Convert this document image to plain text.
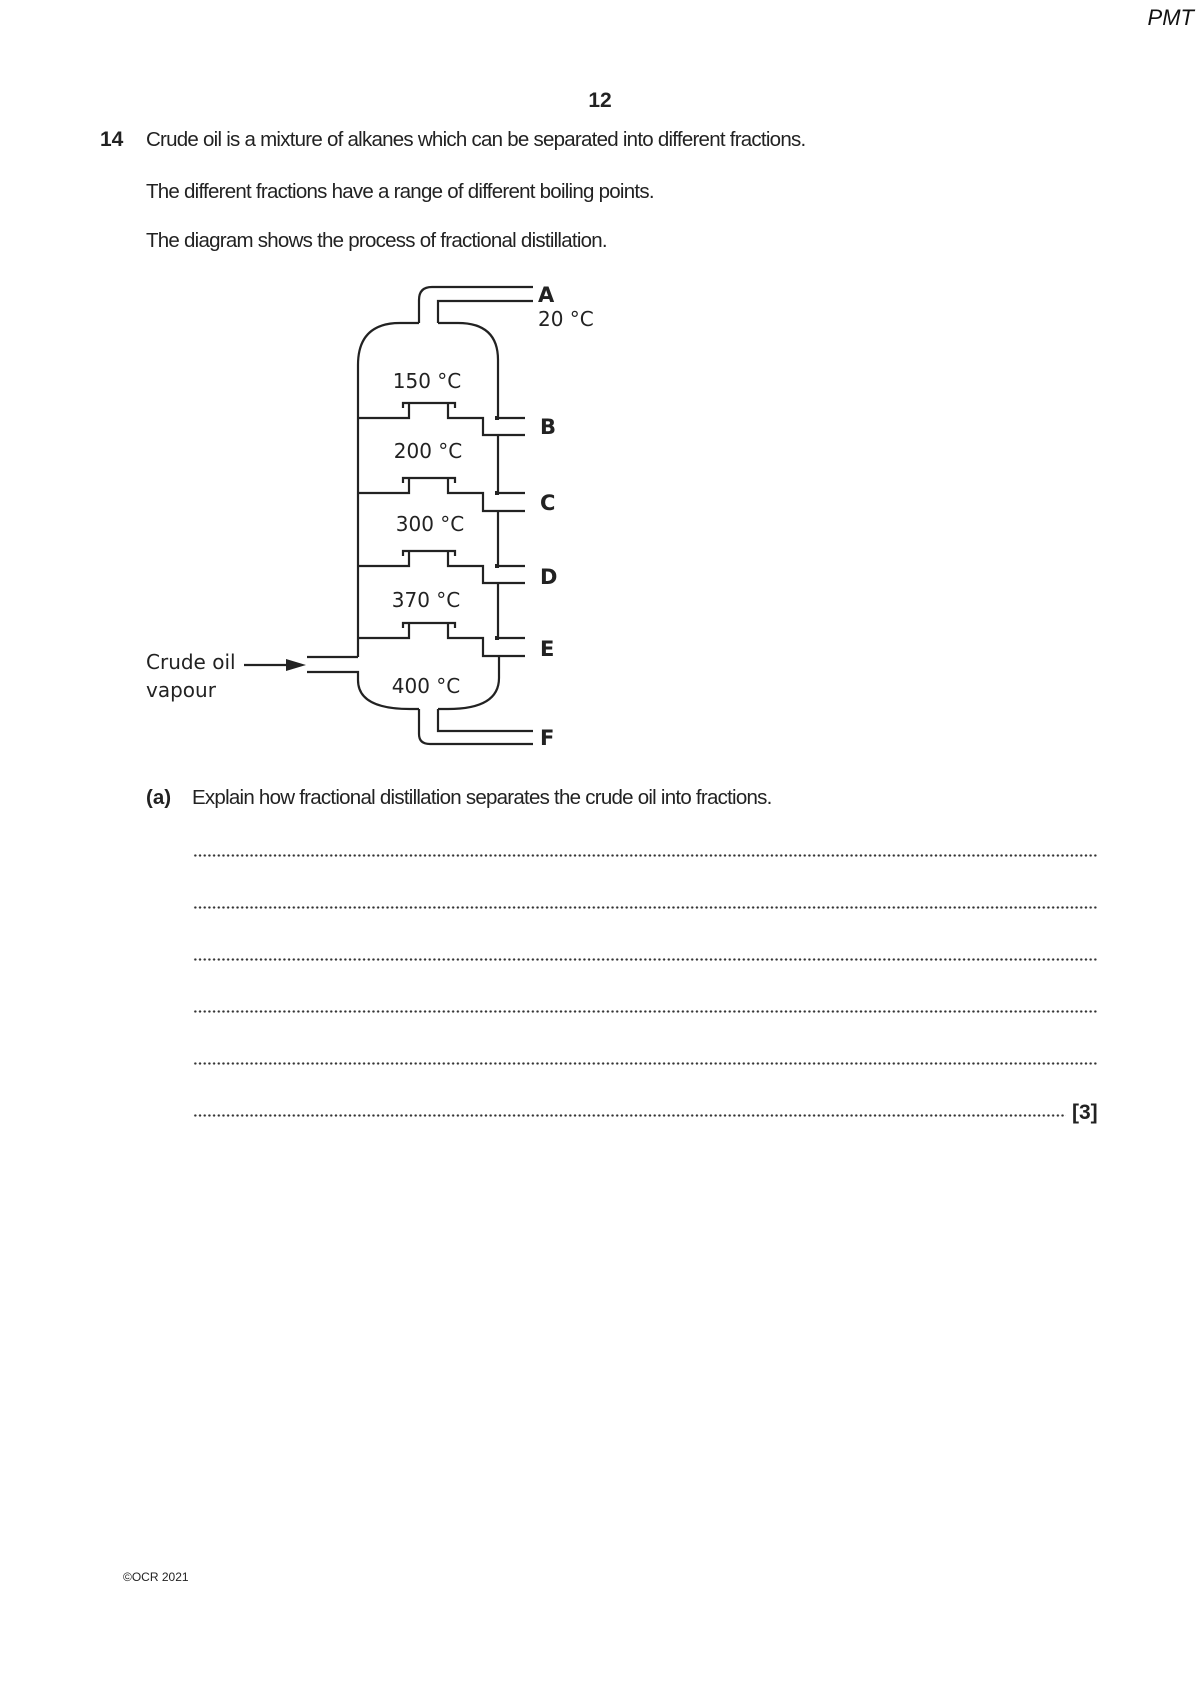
PMT
12
14 Crude oil is a mixture of alkanes which can be separated into different fractions.
The different fractions have a range of different boiling points.
The diagram shows the process of fractional distillation.
A
20 °C
B
C
D
E
F
150 °C
200 °C
300 °C
370 °C
400 °C
Crude oil
vapour
(a) Explain how fractional distillation separates the crude oil into fractions.
[3]
©OCR 2021
